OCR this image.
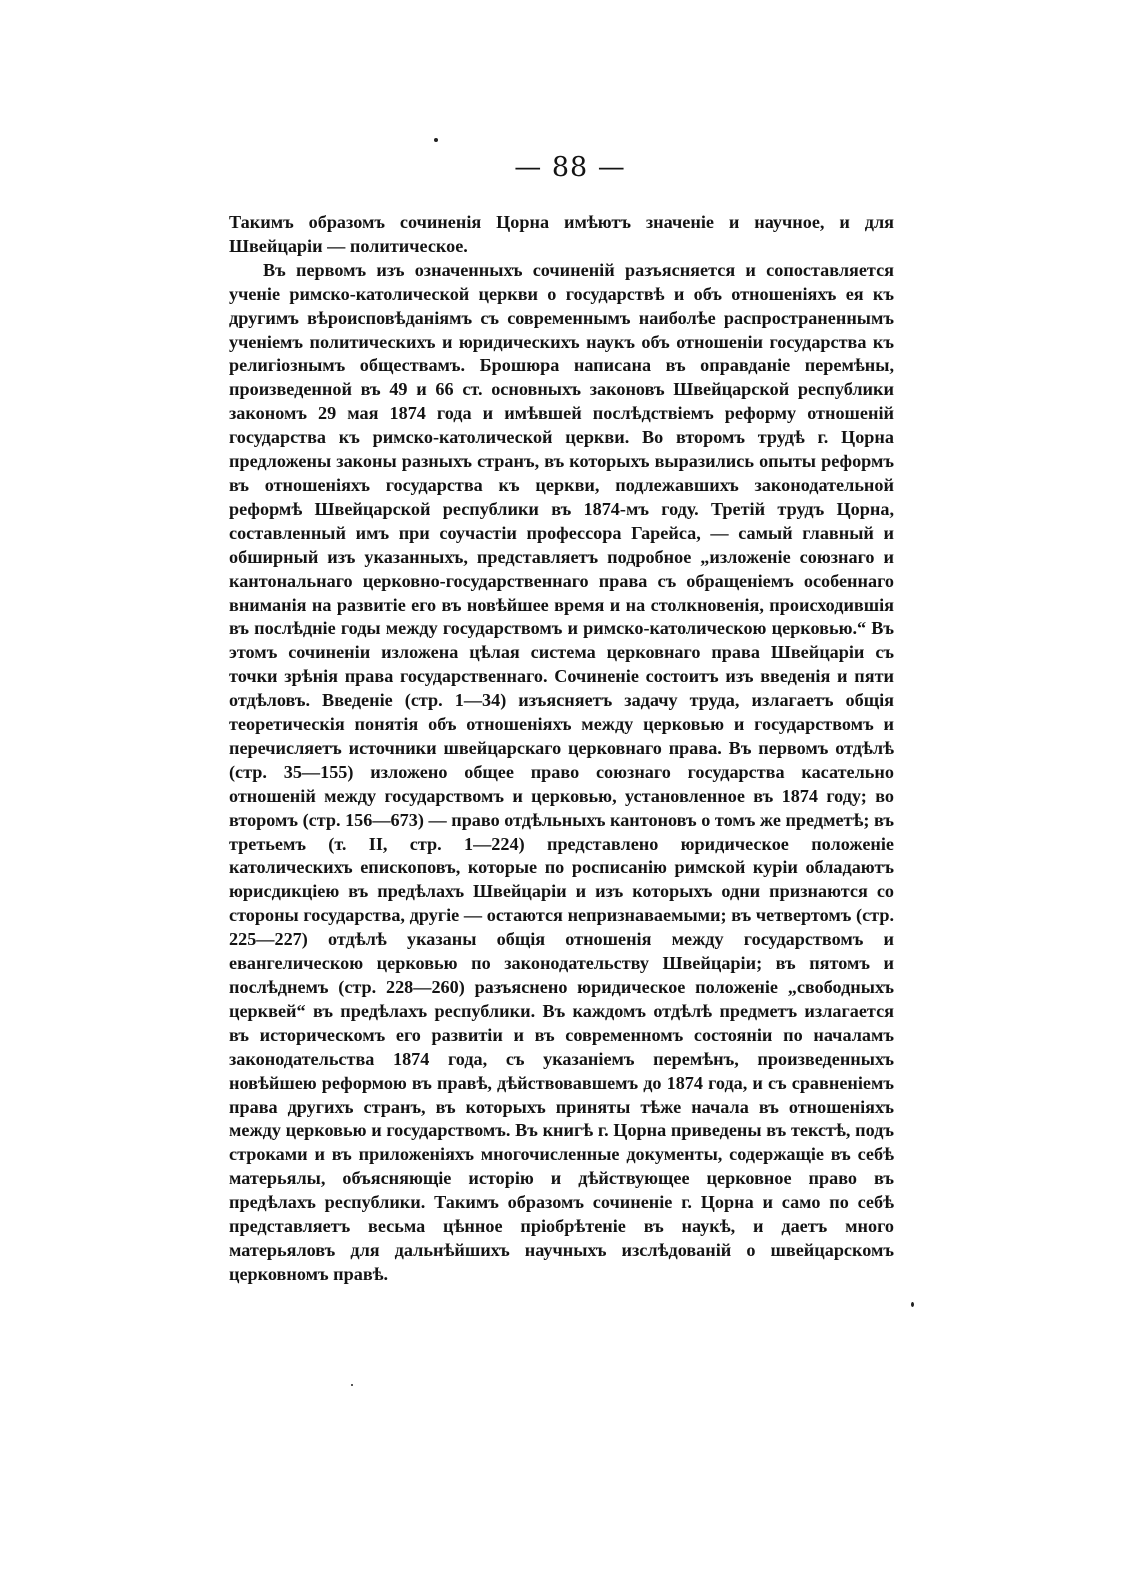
— 88 —

Такимъ образомъ сочиненія Цорна имѣютъ значеніе и научное, и для Швейцаріи — политическое.

Въ первомъ изъ означенныхъ сочиненій разъясняется и сопоставляется ученіе римско-католической церкви о государствѣ и объ отношеніяхъ ея къ другимъ вѣроисповѣданіямъ съ современнымъ наиболѣе распространеннымъ ученіемъ политическихъ и юридическихъ наукъ объ отношеніи государства къ религіознымъ обществамъ. Брошюра написана въ оправданіе перемѣны, произведенной въ 49 и 66 ст. основныхъ законовъ Швейцарской республики закономъ 29 мая 1874 года и имѣвшей послѣдствіемъ реформу отношеній государства къ римско-католической церкви. Во второмъ трудѣ г. Цорна предложены законы разныхъ странъ, въ которыхъ выразились опыты реформъ въ отношеніяхъ государства къ церкви, подлежавшихъ законодательной реформѣ Швейцарской республики въ 1874-мъ году. Третій трудъ Цорна, составленный имъ при соучастіи профессора Гарейса, — самый главный и обширный изъ указанныхъ, представляетъ подробное „изложеніе союзнаго и кантональнаго церковно-государственнаго права съ обращеніемъ особеннаго вниманія на развитіе его въ новѣйшее время и на столкновенія, происходившія въ послѣдніе годы между государствомъ и римско-католическою церковью.“ Въ этомъ сочиненіи изложена цѣлая система церковнаго права Швейцаріи съ точки зрѣнія права государственнаго. Сочиненіе состоитъ изъ введенія и пяти отдѣловъ. Введеніе (стр. 1—34) изъясняетъ задачу труда, излагаетъ общія теоретическія понятія объ отношеніяхъ между церковью и государствомъ и перечисляетъ источники швейцарскаго церковнаго права. Въ первомъ отдѣлѣ (стр. 35—155) изложено общее право союзнаго государства касательно отношеній между государствомъ и церковью, установленное въ 1874 году; во второмъ (стр. 156—673) — право отдѣльныхъ кантоновъ о томъ же предметѣ; въ третьемъ (т. II, стр. 1—224) представлено юридическое положеніе католическихъ епископовъ, которые по росписанію римской куріи обладаютъ юрисдикціею въ предѣлахъ Швейцаріи и изъ которыхъ одни признаются со стороны государства, другіе — остаются непризнаваемыми; въ четвертомъ (стр. 225—227) отдѣлѣ указаны общія отношенія между государствомъ и евангелическою церковью по законодательству Швейцаріи; въ пятомъ и послѣднемъ (стр. 228—260) разъяснено юридическое положеніе „свободныхъ церквей“ въ предѣлахъ республики. Въ каждомъ отдѣлѣ предметъ излагается въ историческомъ его развитіи и въ современномъ состояніи по началамъ законодательства 1874 года, съ указаніемъ перемѣнъ, произведенныхъ новѣйшею реформою въ правѣ, дѣйствовавшемъ до 1874 года, и съ сравненіемъ права другихъ странъ, въ которыхъ приняты тѣже начала въ отношеніяхъ между церковью и государствомъ. Въ книгѣ г. Цорна приведены въ текстѣ, подъ строками и въ приложеніяхъ многочисленные документы, содержащіе въ себѣ матерьялы, объясняющіе исторію и дѣйствующее церковное право въ предѣлахъ республики. Такимъ образомъ сочиненіе г. Цорна и само по себѣ представляетъ весьма цѣнное пріобрѣтеніе въ наукѣ, и даетъ много матерьяловъ для дальнѣйшихъ научныхъ изслѣдованій о швейцарскомъ церковномъ правѣ.
